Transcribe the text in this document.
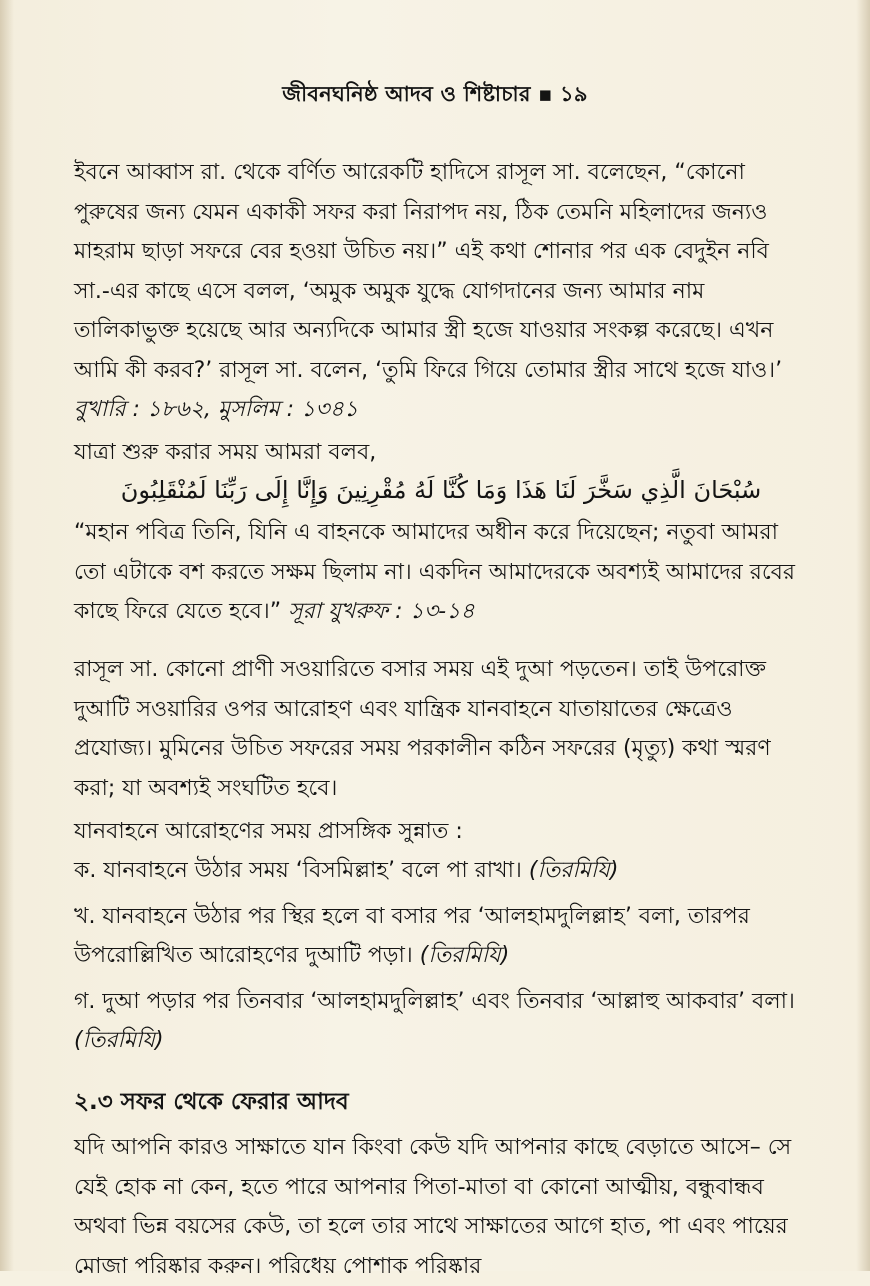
জীবনঘনিষ্ঠ আদব ও শিষ্টাচার ▪ ১৯
ইবনে আব্বাস রা. থেকে বর্ণিত আরেকটি হাদিসে রাসূল সা. বলেছেন, “কোনো পুরুষের জন্য যেমন একাকী সফর করা নিরাপদ নয়, ঠিক তেমনি মহিলাদের জন্যও মাহরাম ছাড়া সফরে বের হওয়া উচিত নয়।” এই কথা শোনার পর এক বেদুইন নবি সা.-এর কাছে এসে বলল, ‘অমুক অমুক যুদ্ধে যোগদানের জন্য আমার নাম তালিকাভুক্ত হয়েছে আর অন্যদিকে আমার স্ত্রী হজে যাওয়ার সংকল্প করেছে। এখন আমি কী করব?’ রাসূল সা. বলেন, ‘তুমি ফিরে গিয়ে তোমার স্ত্রীর সাথে হজে যাও।’ বুখারি : ১৮৬২, মুসলিম : ১৩৪১
যাত্রা শুরু করার সময় আমরা বলব,
سُبْحَانَ الَّذِي سَخَّرَ لَنَا هَذَا وَمَا كُنَّا لَهُ مُقْرِنِينَ وَإِنَّا إِلَى رَبِّنَا لَمُنْقَلِبُونَ
“মহান পবিত্র তিনি, যিনি এ বাহনকে আমাদের অধীন করে দিয়েছেন; নতুবা আমরা তো এটাকে বশ করতে সক্ষম ছিলাম না। একদিন আমাদেরকে অবশ্যই আমাদের রবের কাছে ফিরে যেতে হবে।” সূরা যুখরুফ : ১৩-১৪
রাসূল সা. কোনো প্রাণী সওয়ারিতে বসার সময় এই দুআ পড়তেন। তাই উপরোক্ত দুআটি সওয়ারির ওপর আরোহণ এবং যান্ত্রিক যানবাহনে যাতায়াতের ক্ষেত্রেও প্রযোজ্য। মুমিনের উচিত সফরের সময় পরকালীন কঠিন সফরের (মৃত্যু) কথা স্মরণ করা; যা অবশ্যই সংঘটিত হবে।
যানবাহনে আরোহণের সময় প্রাসঙ্গিক সুন্নাত :
ক. যানবাহনে উঠার সময় ‘বিসমিল্লাহ’ বলে পা রাখা। (তিরমিযি)
খ. যানবাহনে উঠার পর স্থির হলে বা বসার পর ‘আলহামদুলিল্লাহ’ বলা, তারপর উপরোল্লিখিত আরোহণের দুআটি পড়া। (তিরমিযি)
গ. দুআ পড়ার পর তিনবার ‘আলহামদুলিল্লাহ’ এবং তিনবার ‘আল্লাহু আকবার’ বলা। (তিরমিযি)
২.৩ সফর থেকে ফেরার আদব
যদি আপনি কারও সাক্ষাতে যান কিংবা কেউ যদি আপনার কাছে বেড়াতে আসে– সে যেই হোক না কেন, হতে পারে আপনার পিতা-মাতা বা কোনো আত্মীয়, বন্ধুবান্ধব অথবা ভিন্ন বয়সের কেউ, তা হলে তার সাথে সাক্ষাতের আগে হাত, পা এবং পায়ের মোজা পরিষ্কার করুন। পরিধেয় পোশাক পরিষ্কার
